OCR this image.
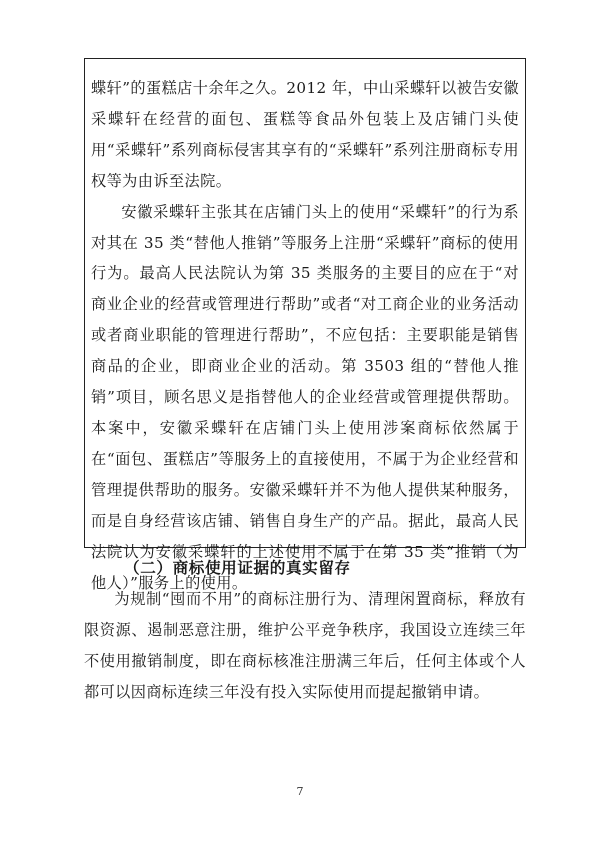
蝶轩”的蛋糕店十余年之久。2012 年，中山采蝶轩以被告安徽采蝶轩在经营的面包、蛋糕等食品外包装上及店铺门头使用“采蝶轩”系列商标侵害其享有的“采蝶轩”系列注册商标专用权等为由诉至法院。

安徽采蝶轩主张其在店铺门头上的使用“采蝶轩”的行为系对其在 35 类“替他人推销”等服务上注册“采蝶轩”商标的使用行为。最高人民法院认为第 35 类服务的主要目的应在于“对商业企业的经营或管理进行帮助”或者“对工商企业的业务活动或者商业职能的管理进行帮助”，不应包括：主要职能是销售商品的企业，即商业企业的活动。第 3503 组的“替他人推销”项目，顾名思义是指替他人的企业经营或管理提供帮助。本案中，安徽采蝶轩在店铺门头上使用涉案商标依然属于在“面包、蛋糕店”等服务上的直接使用，不属于为企业经营和管理提供帮助的服务。安徽采蝶轩并不为他人提供某种服务，而是自身经营该店铺、销售自身生产的产品。据此，最高人民法院认为安徽采蝶轩的上述使用不属于在第 35 类“推销（为他人）”服务上的使用。

（二）商标使用证据的真实留存

为规制“囤而不用”的商标注册行为、清理闲置商标，释放有限资源、遏制恶意注册，维护公平竞争秩序，我国设立连续三年不使用撤销制度，即在商标核准注册满三年后，任何主体或个人都可以因商标连续三年没有投入实际使用而提起撤销申请。

7
